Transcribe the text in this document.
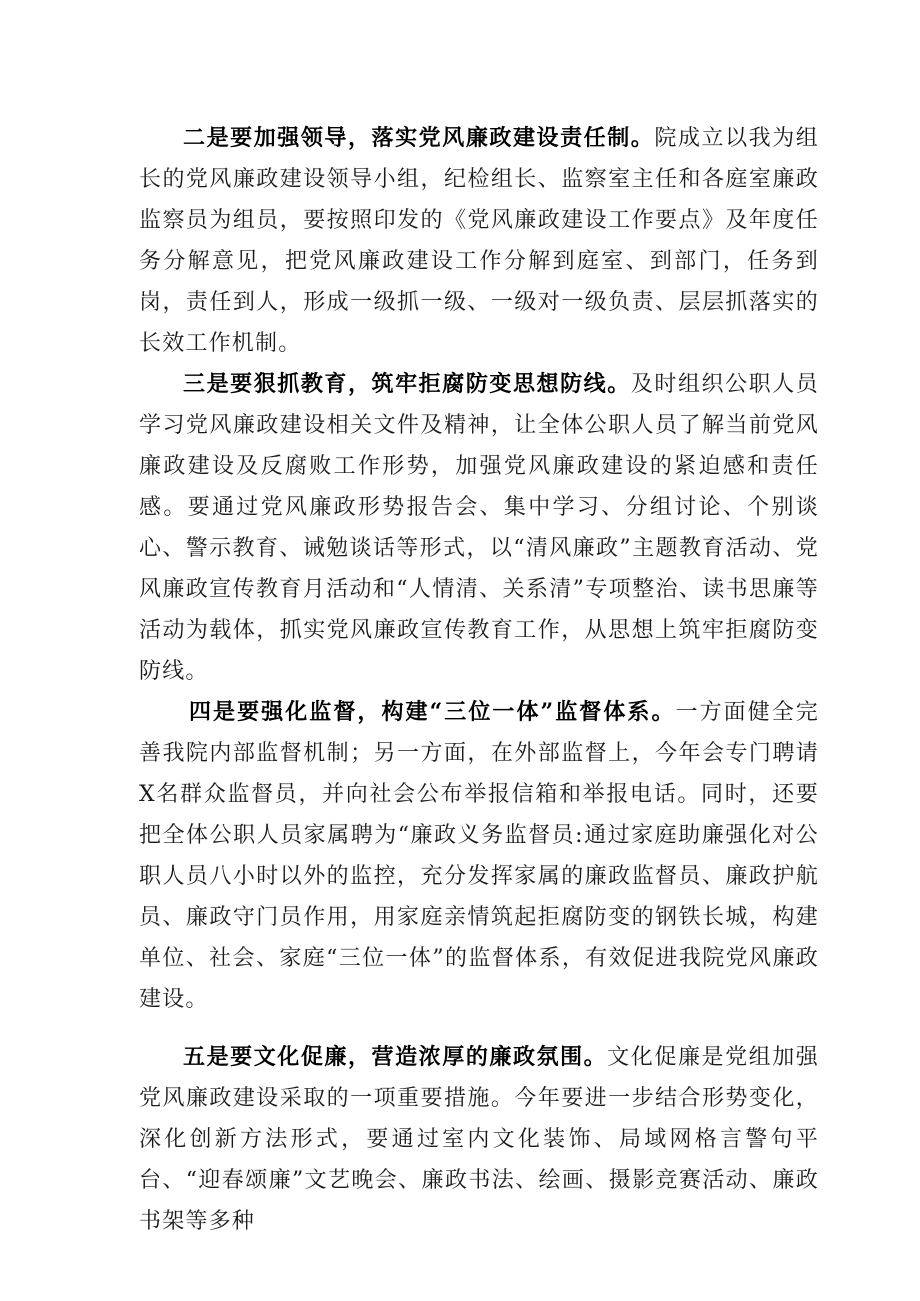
二是要加强领导，落实党风廉政建设责任制。院成立以我为组长的党风廉政建设领导小组，纪检组长、监察室主任和各庭室廉政监察员为组员，要按照印发的《党风廉政建设工作要点》及年度任务分解意见，把党风廉政建设工作分解到庭室、到部门，任务到岗，责任到人，形成一级抓一级、一级对一级负责、层层抓落实的长效工作机制。

三是要狠抓教育，筑牢拒腐防变思想防线。及时组织公职人员学习党风廉政建设相关文件及精神，让全体公职人员了解当前党风廉政建设及反腐败工作形势，加强党风廉政建设的紧迫感和责任感。要通过党风廉政形势报告会、集中学习、分组讨论、个别谈心、警示教育、诫勉谈话等形式，以“清风廉政”主题教育活动、党风廉政宣传教育月活动和“人情清、关系清”专项整治、读书思廉等活动为载体，抓实党风廉政宣传教育工作，从思想上筑牢拒腐防变防线。

四是要强化监督，构建“三位一体”监督体系。一方面健全完善我院内部监督机制；另一方面，在外部监督上，今年会专门聘请X名群众监督员，并向社会公布举报信箱和举报电话。同时，还要把全体公职人员家属聘为“廉政义务监督员:通过家庭助廉强化对公职人员八小时以外的监控，充分发挥家属的廉政监督员、廉政护航员、廉政守门员作用，用家庭亲情筑起拒腐防变的钢铁长城，构建单位、社会、家庭“三位一体”的监督体系，有效促进我院党风廉政建设。

五是要文化促廉，营造浓厚的廉政氛围。文化促廉是党组加强党风廉政建设采取的一项重要措施。今年要进一步结合形势变化，深化创新方法形式，要通过室内文化装饰、局域网格言警句平台、“迎春颂廉”文艺晚会、廉政书法、绘画、摄影竞赛活动、廉政书架等多种
